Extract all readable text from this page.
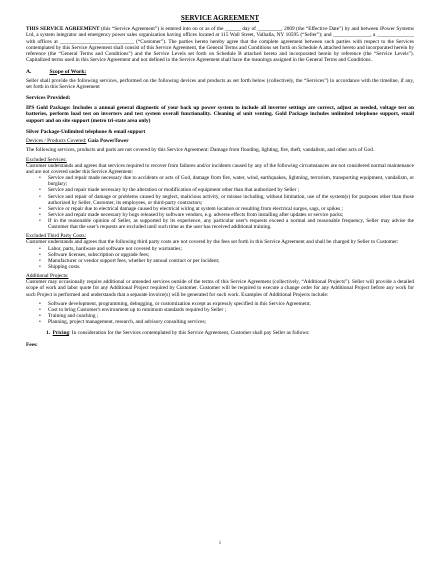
SERVICE AGREEMENT

THIS SERVICE AGREEMENT (this “Service Agreement”) is entered into on or as of the ______ day of _________, 2009 (the “Effective Date”) by and between iPower Systems Ltd, a system integrator and emergency power sales organization having offices located at 115 Wall Street, Valhalla, NY 10595 (“Seller”); and ______________, a ______________ with offices at ____________________________ (“Customer”). The parties hereto hereby agree that the complete agreement between such parties with respect to the Services contemplated by this Service Agreement shall consist of this Service Agreement, the General Terms and Conditions set forth on Schedule A attached hereto and incorporated herein by reference (the “General Terms and Conditions”) and the Service Levels set forth on Schedule B attached hereto and incorporated herein by reference (the “Service Levels”). Capitalized terms used in this Service Agreement and not defined in the Service Agreement shall have the meanings assigned in the General Terms and Conditions.

A.	Scope of Work:

Seller shall provide the following services, performed on the following devices and products as set forth below (collectively, the “Services”) in accordance with the timeline, if any, set forth in this Service Agreement

Services Provided:

IPS Gold Package: Includes a annual general diagnostic of your back up power system to include all inverter settings are correct, adjust as needed, voltage test on batteries, perform load test on inverters and test system overall functionality. Cleaning of unit venting. Gold Package includes unlimited telephone support, email support and on site support (metro tri-state area only)

Silver Package-Unlimited telephone & email support

Devices / Products Covered: Gaia PowerTower

The following services, products and parts are not covered by this Service Agreement: Damage from flooding, lighting, fire, theft, vandalism, and other acts of God.

Excluded Services:

Customer understands and agrees that services required to recover from failures and/or incidents caused by any of the following circumstances are not considered normal maintenance and are not covered under this Service Agreement:

• Service and repair made necessary due to accidents or acts of God, damage from fire, water, wind, earthquakes, lightning, terrorism, transporting equipment, vandalism, or burglary;
• Service and repair made necessary by the alteration or modification of equipment other than that authorized by Seller ;
• Service and repair of damage or problems caused by neglect, malicious activity, or misuse including, without limitation, use of the system(s) for purposes other than those authorized by Seller, Customer, its employees, or third-party contractors;
• Service or repair due to electrical damage caused by electrical wiring at system location or resulting from electrical surges, sags, or spikes ;
• Service and repair made necessary by bugs released by software vendors, e.g. adverse effects from installing after updates or service packs;
• If in the reasonable opinion of Seller, as supported by its experience, any particular user's requests exceed a normal and reasonable frequency, Seller may advise the Customer that the user's requests are excluded until such time as the user has received additional training.

Excluded Third Party Costs:

Customer understands and agrees that the following third party costs are not covered by the fees set forth in this Service Agreement and shall be charged by Seller to Customer:

• Labor, parts, hardware and software not covered by warranties;
• Software licenses, subscription or upgrade fees;
• Manufacturer or vendor support fees, whether by annual contract or per incident;
• Shipping costs.

Additional Projects:

Customer may occasionally require additional or amended services outside of the terms of this Service Agreement (collectively, “Additional Projects”). Seller will provide a detailed scope of work and labor quote for any Additional Project required by Customer. Customer will be required to execute a change order for any Additional Project before any work for such Project is performed and understands that a separate invoice(s) will be generated for such work. Examples of Additional Projects include:

• Software development, programming, debugging, or customization except as expressly specified in this Service Agreement;
• Cost to bring Customer's environment up to minimum standards required by Seller ;
• Training and coaching ;
• Planning, project management, research, and advisory consulting services;

1. Pricing: In consideration for the Services contemplated by this Service Agreement, Customer shall pay Seller as follows:

Fees:

i
